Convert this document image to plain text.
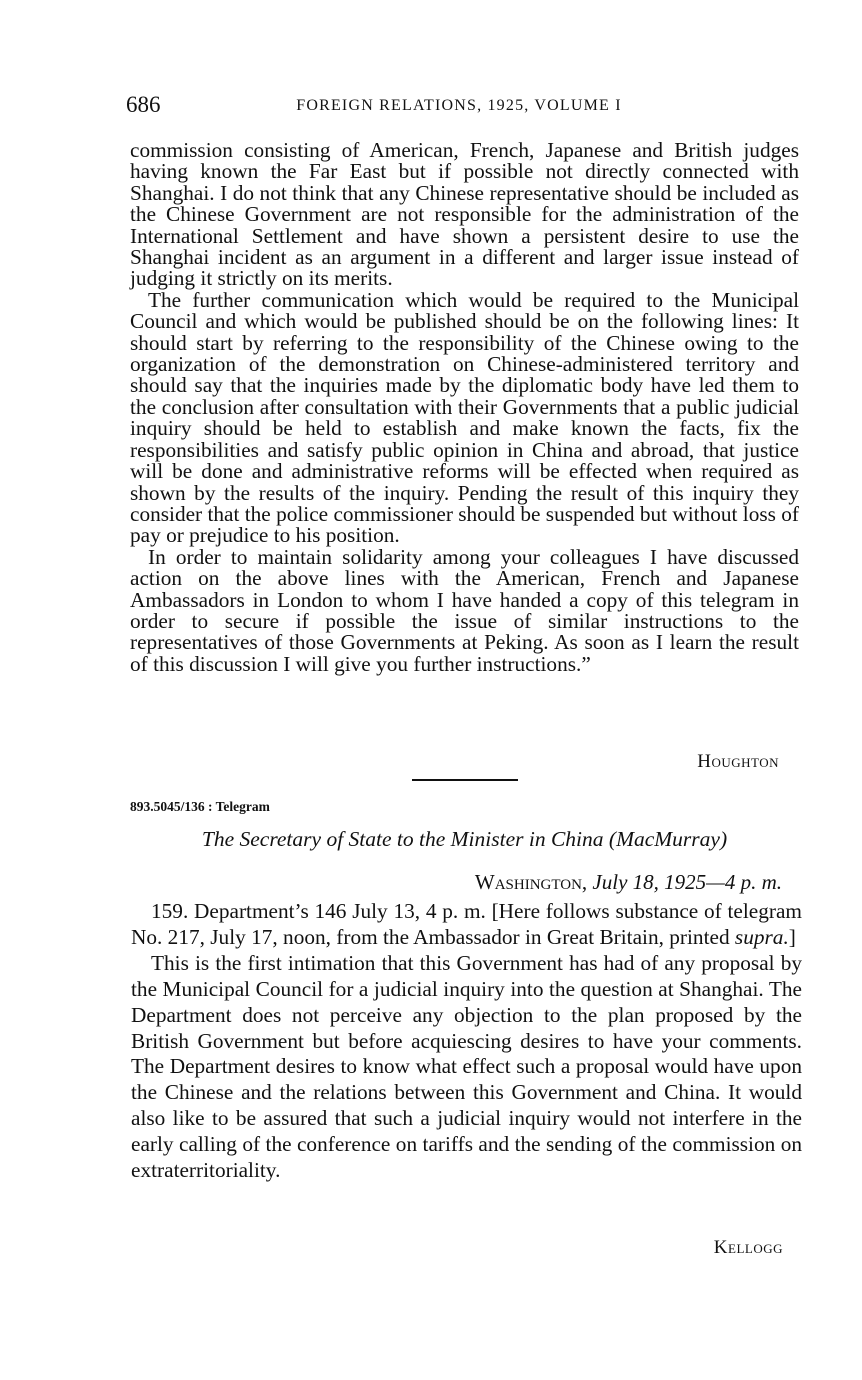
686	FOREIGN RELATIONS, 1925, VOLUME I

commission consisting of American, French, Japanese and British judges having known the Far East but if possible not directly connected with Shanghai. I do not think that any Chinese representative should be included as the Chinese Government are not responsible for the administration of the International Settlement and have shown a persistent desire to use the Shanghai incident as an argument in a different and larger issue instead of judging it strictly on its merits.

The further communication which would be required to the Municipal Council and which would be published should be on the following lines: It should start by referring to the responsibility of the Chinese owing to the organization of the demonstration on Chinese-administered territory and should say that the inquiries made by the diplomatic body have led them to the conclusion after consultation with their Governments that a public judicial inquiry should be held to establish and make known the facts, fix the responsibilities and satisfy public opinion in China and abroad, that justice will be done and administrative reforms will be effected when required as shown by the results of the inquiry. Pending the result of this inquiry they consider that the police commissioner should be suspended but without loss of pay or prejudice to his position.

In order to maintain solidarity among your colleagues I have discussed action on the above lines with the American, French and Japanese Ambassadors in London to whom I have handed a copy of this telegram in order to secure if possible the issue of similar instructions to the representatives of those Governments at Peking. As soon as I learn the result of this discussion I will give you further instructions.”

Houghton
893.5045/136 : Telegram
The Secretary of State to the Minister in China (MacMurray)
Washington, July 18, 1925—4 p. m.

159. Department’s 146 July 13, 4 p. m. [Here follows substance of telegram No. 217, July 17, noon, from the Ambassador in Great Britain, printed supra.]

This is the first intimation that this Government has had of any proposal by the Municipal Council for a judicial inquiry into the question at Shanghai. The Department does not perceive any objection to the plan proposed by the British Government but before acquiescing desires to have your comments. The Department desires to know what effect such a proposal would have upon the Chinese and the relations between this Government and China. It would also like to be assured that such a judicial inquiry would not interfere in the early calling of the conference on tariffs and the sending of the commission on extraterritoriality.

Kellogg
